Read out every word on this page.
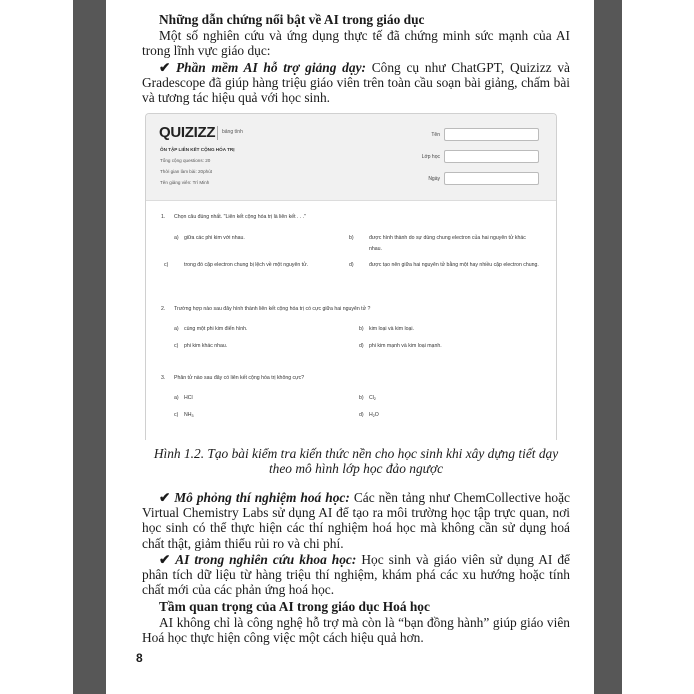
Những dẫn chứng nổi bật về AI trong giáo dục
Một số nghiên cứu và ứng dụng thực tế đã chứng minh sức mạnh của AI trong lĩnh vực giáo dục:
✔ Phần mềm AI hỗ trợ giảng dạy: Công cụ như ChatGPT, Quizizz và Gradescope đã giúp hàng triệu giáo viên trên toàn cầu soạn bài giảng, chấm bài và tương tác hiệu quả với học sinh.
QUIZIZZ bảng tính
ÔN TẬP LIÊN KẾT CỘNG HÓA TRỊ
Tổng cộng questions: 20
Thời gian làm bài: 20phút
Tên giảng viên: Trí Minh
Tên
Lớp học
Ngày
1. Chọn câu đúng nhất. "Liên kết cộng hóa trị là liên kết . . ."
a) giữa các phi kim với nhau.	b)	được hình thành do sự dùng chung electron của hai nguyên tử khác nhau.
c)	trong đó cặp electron chung bị lệch về một nguyên tử.	d)	được tạo nên giữa hai nguyên tử bằng một hay nhiều cặp electron chung.
2. Trường hợp nào sau đây hình thành liên kết cộng hóa trị có cực giữa hai nguyên tử ?
a) cùng một phi kim điển hình.	b) kim loại và kim loại.
c) phi kim khác nhau.	d) phi kim mạnh và kim loại mạnh.
3. Phân tử nào sau đây có liên kết cộng hóa trị không cực?
a) HCl	b) $Cl_2$
c) $NH_3$	d) $H_2O$
Hình 1.2. Tạo bài kiểm tra kiến thức nền cho học sinh khi xây dựng tiết dạy
theo mô hình lớp học đảo ngược
✔ Mô phỏng thí nghiệm hoá học: Các nền tảng như ChemCollective hoặc Virtual Chemistry Labs sử dụng AI để tạo ra môi trường học tập trực quan, nơi học sinh có thể thực hiện các thí nghiệm hoá học mà không cần sử dụng hoá chất thật, giảm thiểu rủi ro và chi phí.
✔ AI trong nghiên cứu khoa học: Học sinh và giáo viên sử dụng AI để phân tích dữ liệu từ hàng triệu thí nghiệm, khám phá các xu hướng hoặc tính chất mới của các phản ứng hoá học.
Tầm quan trọng của AI trong giáo dục Hoá học
AI không chỉ là công nghệ hỗ trợ mà còn là “bạn đồng hành” giúp giáo viên Hoá học thực hiện công việc một cách hiệu quả hơn.
8
